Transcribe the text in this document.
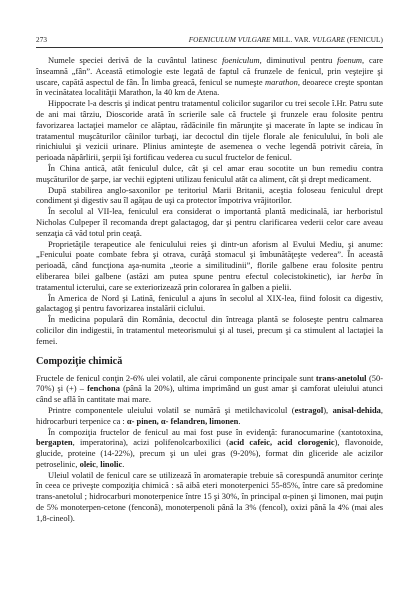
273	FOENICULUM VULGARE MILL. VAR. VULGARE (FENICUL)

Numele speciei derivă de la cuvântul latinesc foeniculum, diminutivul pentru foenum, care înseamnă „fân”. Această etimologie este legată de faptul că frunzele de fenicul, prin veştejire şi uscare, capătă aspectul de fân. În limba greacă, fenicul se numeşte marathon, deoarece creşte spontan în vecinătatea localităţii Marathon, la 40 km de Atena.

Hippocrate l-a descris şi indicat pentru tratamentul colicilor sugarilor cu trei secole î.Hr. Patru sute de ani mai târziu, Dioscoride arată în scrierile sale că fructele şi frunzele erau folosite pentru favorizarea lactaţiei mamelor ce alăptau, rădăcinile fin mărunţite şi macerate în lapte se indicau în tratamentul muşcăturilor câinilor turbaţi, iar decoctul din tijele florale ale feniculului, în boli ale rinichiului şi vezicii urinare. Plinius aminteşte de asemenea o veche legendă potrivit căreia, în perioada năpârlirii, şerpii îşi fortificau vederea cu sucul fructelor de fenicul.

În China antică, atât feniculul dulce, cât şi cel amar erau socotite un bun remediu contra muşcăturilor de şarpe, iar vechii egipteni utilizau feniculul atât ca aliment, cât şi drept medicament.

După stabilirea anglo-saxonilor pe teritoriul Marii Britanii, aceştia foloseau feniculul drept condiment şi digestiv sau îl agăţau de uşi ca protector împotriva vrăjitorilor.

În secolul al VII-lea, feniculul era considerat o importantă plantă medicinală, iar herboristul Nicholas Culpeper îl recomanda drept galactagog, dar şi pentru clarificarea vederii celor care aveau senzaţia că văd totul prin ceaţă.

Proprietăţile terapeutice ale feniculului reies şi dintr-un aforism al Evului Mediu, şi anume: „Fenicului poate combate febra şi otrava, curăţă stomacul şi îmbunătăţeşte vederea”. În această perioadă, când funcţiona aşa-numita „teorie a similitudinii”, florile galbene erau folosite pentru eliberarea bilei galbene (astăzi am putea spune pentru efectul colecistokinetic), iar herba în tratamentul icterului, care se exteriorizează prin colorarea în galben a pielii.

În America de Nord şi Latină, feniculul a ajuns în secolul al XIX-lea, fiind folosit ca digestiv, galactagog şi pentru favorizarea instalării ciclului.

În medicina populară din România, decoctul din întreaga plantă se foloseşte pentru calmarea colicilor din indigestii, în tratamentul meteorismului şi al tusei, precum şi ca stimulent al lactaţiei la femei.

Compoziţie chimică

Fructele de fenicul conţin 2-6% ulei volatil, ale cărui componente principale sunt trans-anetolul (50-70%) şi (+) – fenchona (până la 20%), ultima imprimând un gust amar şi camforat uleiului atunci când se află în cantitate mai mare.

Printre componentele uleiului volatil se numără şi metilchavicolul (estragol), anisal-dehida, hidrocarburi terpenice ca : α- pinen, α- felandren, limonen.

În compoziţia fructelor de fenicul au mai fost puse în evidenţă: furanocumarine (xantotoxina, bergapten, imperatorina), acizi polifenolcarboxilici (acid cafeic, acid clorogenic), flavonoide, glucide, proteine (14-22%), precum şi un ulei gras (9-20%), format din gliceride ale acizilor petroselinic, oleic, linolic.

Uleiul volatil de fenicul care se utilizează în aromaterapie trebuie să corespundă anumitor cerinţe în ceea ce priveşte compoziţia chimică : să aibă eteri monoterpenici 55-85%, între care să predomine trans-anetolul ; hidrocarburi monoterpenice între 15 şi 30%, în principal α-pinen şi limonen, mai puţin de 5% monoterpen-cetone (fenconă), monoterpenoli până la 3% (fencol), oxizi până la 4% (mai ales 1,8-cineol).
